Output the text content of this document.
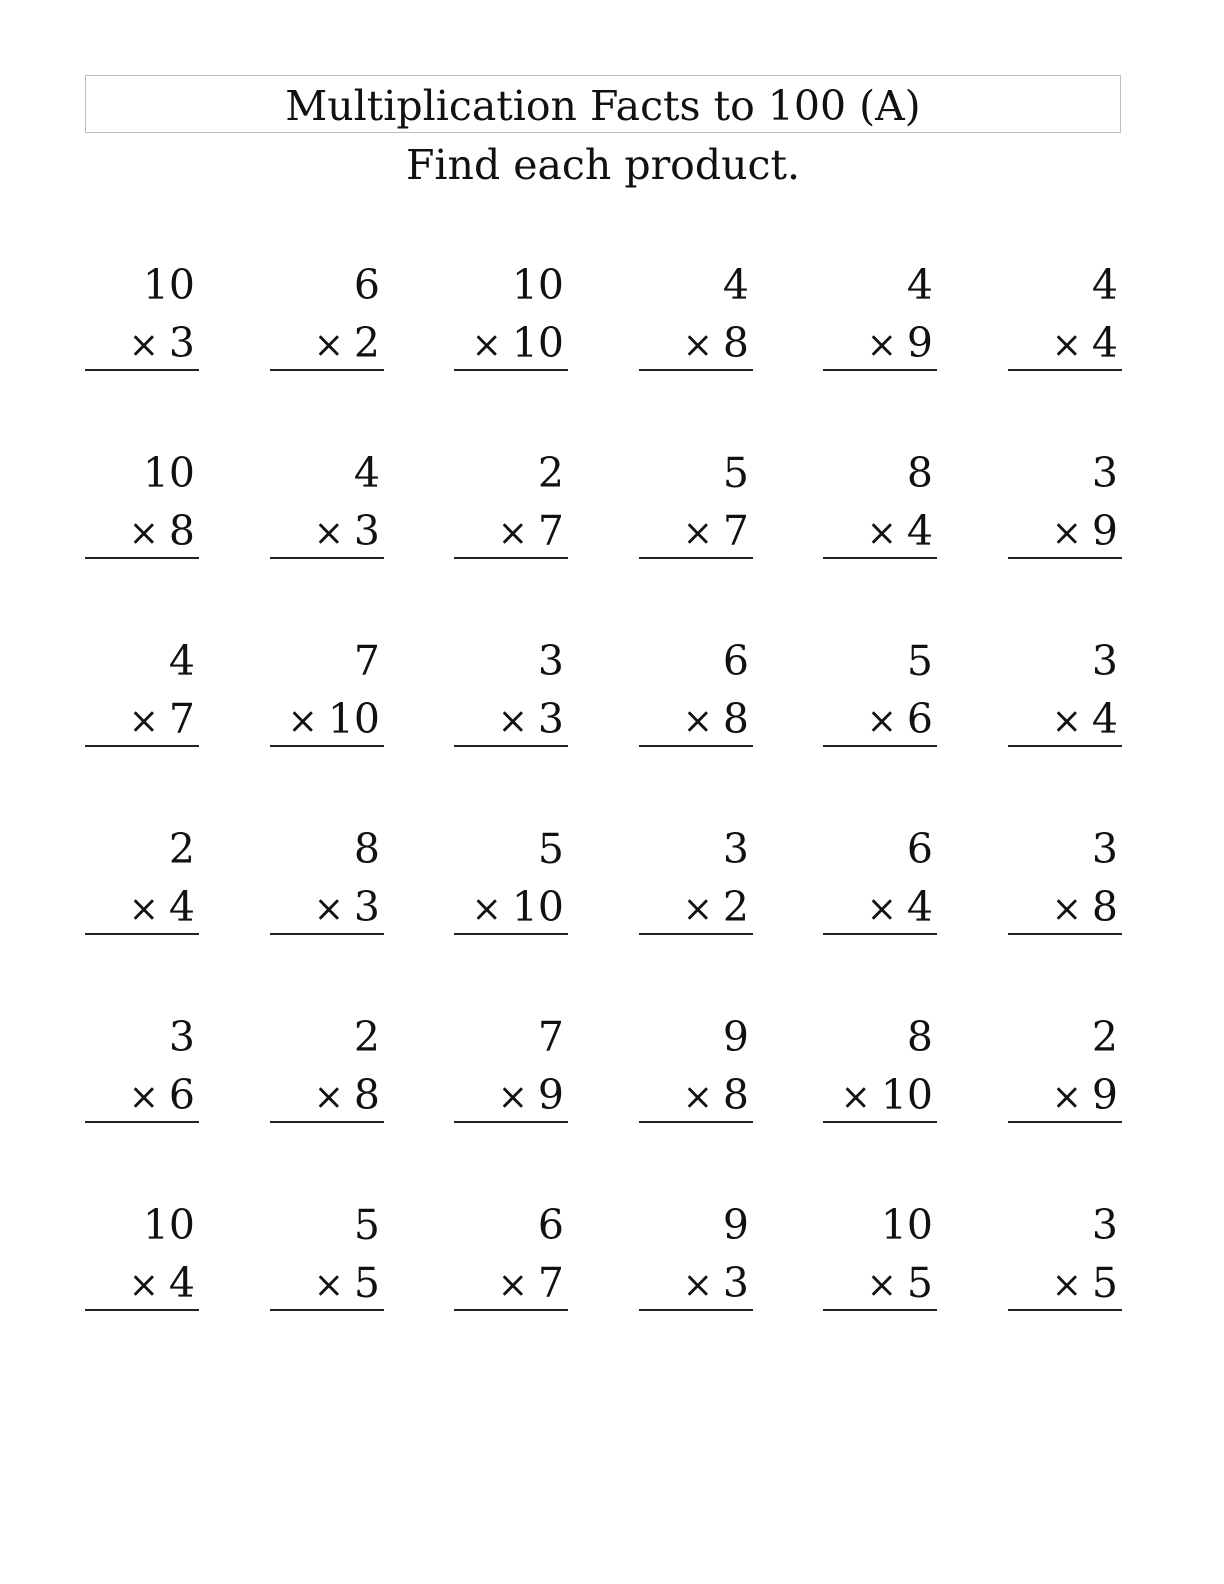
Multiplication Facts to 100 (A)

Find each product.

10
× 3
6
× 2
10
× 10
4
× 8
4
× 9
4
× 4
10
× 8
4
× 3
2
× 7
5
× 7
8
× 4
3
× 9
4
× 7
7
× 10
3
× 3
6
× 8
5
× 6
3
× 4
2
× 4
8
× 3
5
× 10
3
× 2
6
× 4
3
× 8
3
× 6
2
× 8
7
× 9
9
× 8
8
× 10
2
× 9
10
× 4
5
× 5
6
× 7
9
× 3
10
× 5
3
× 5
